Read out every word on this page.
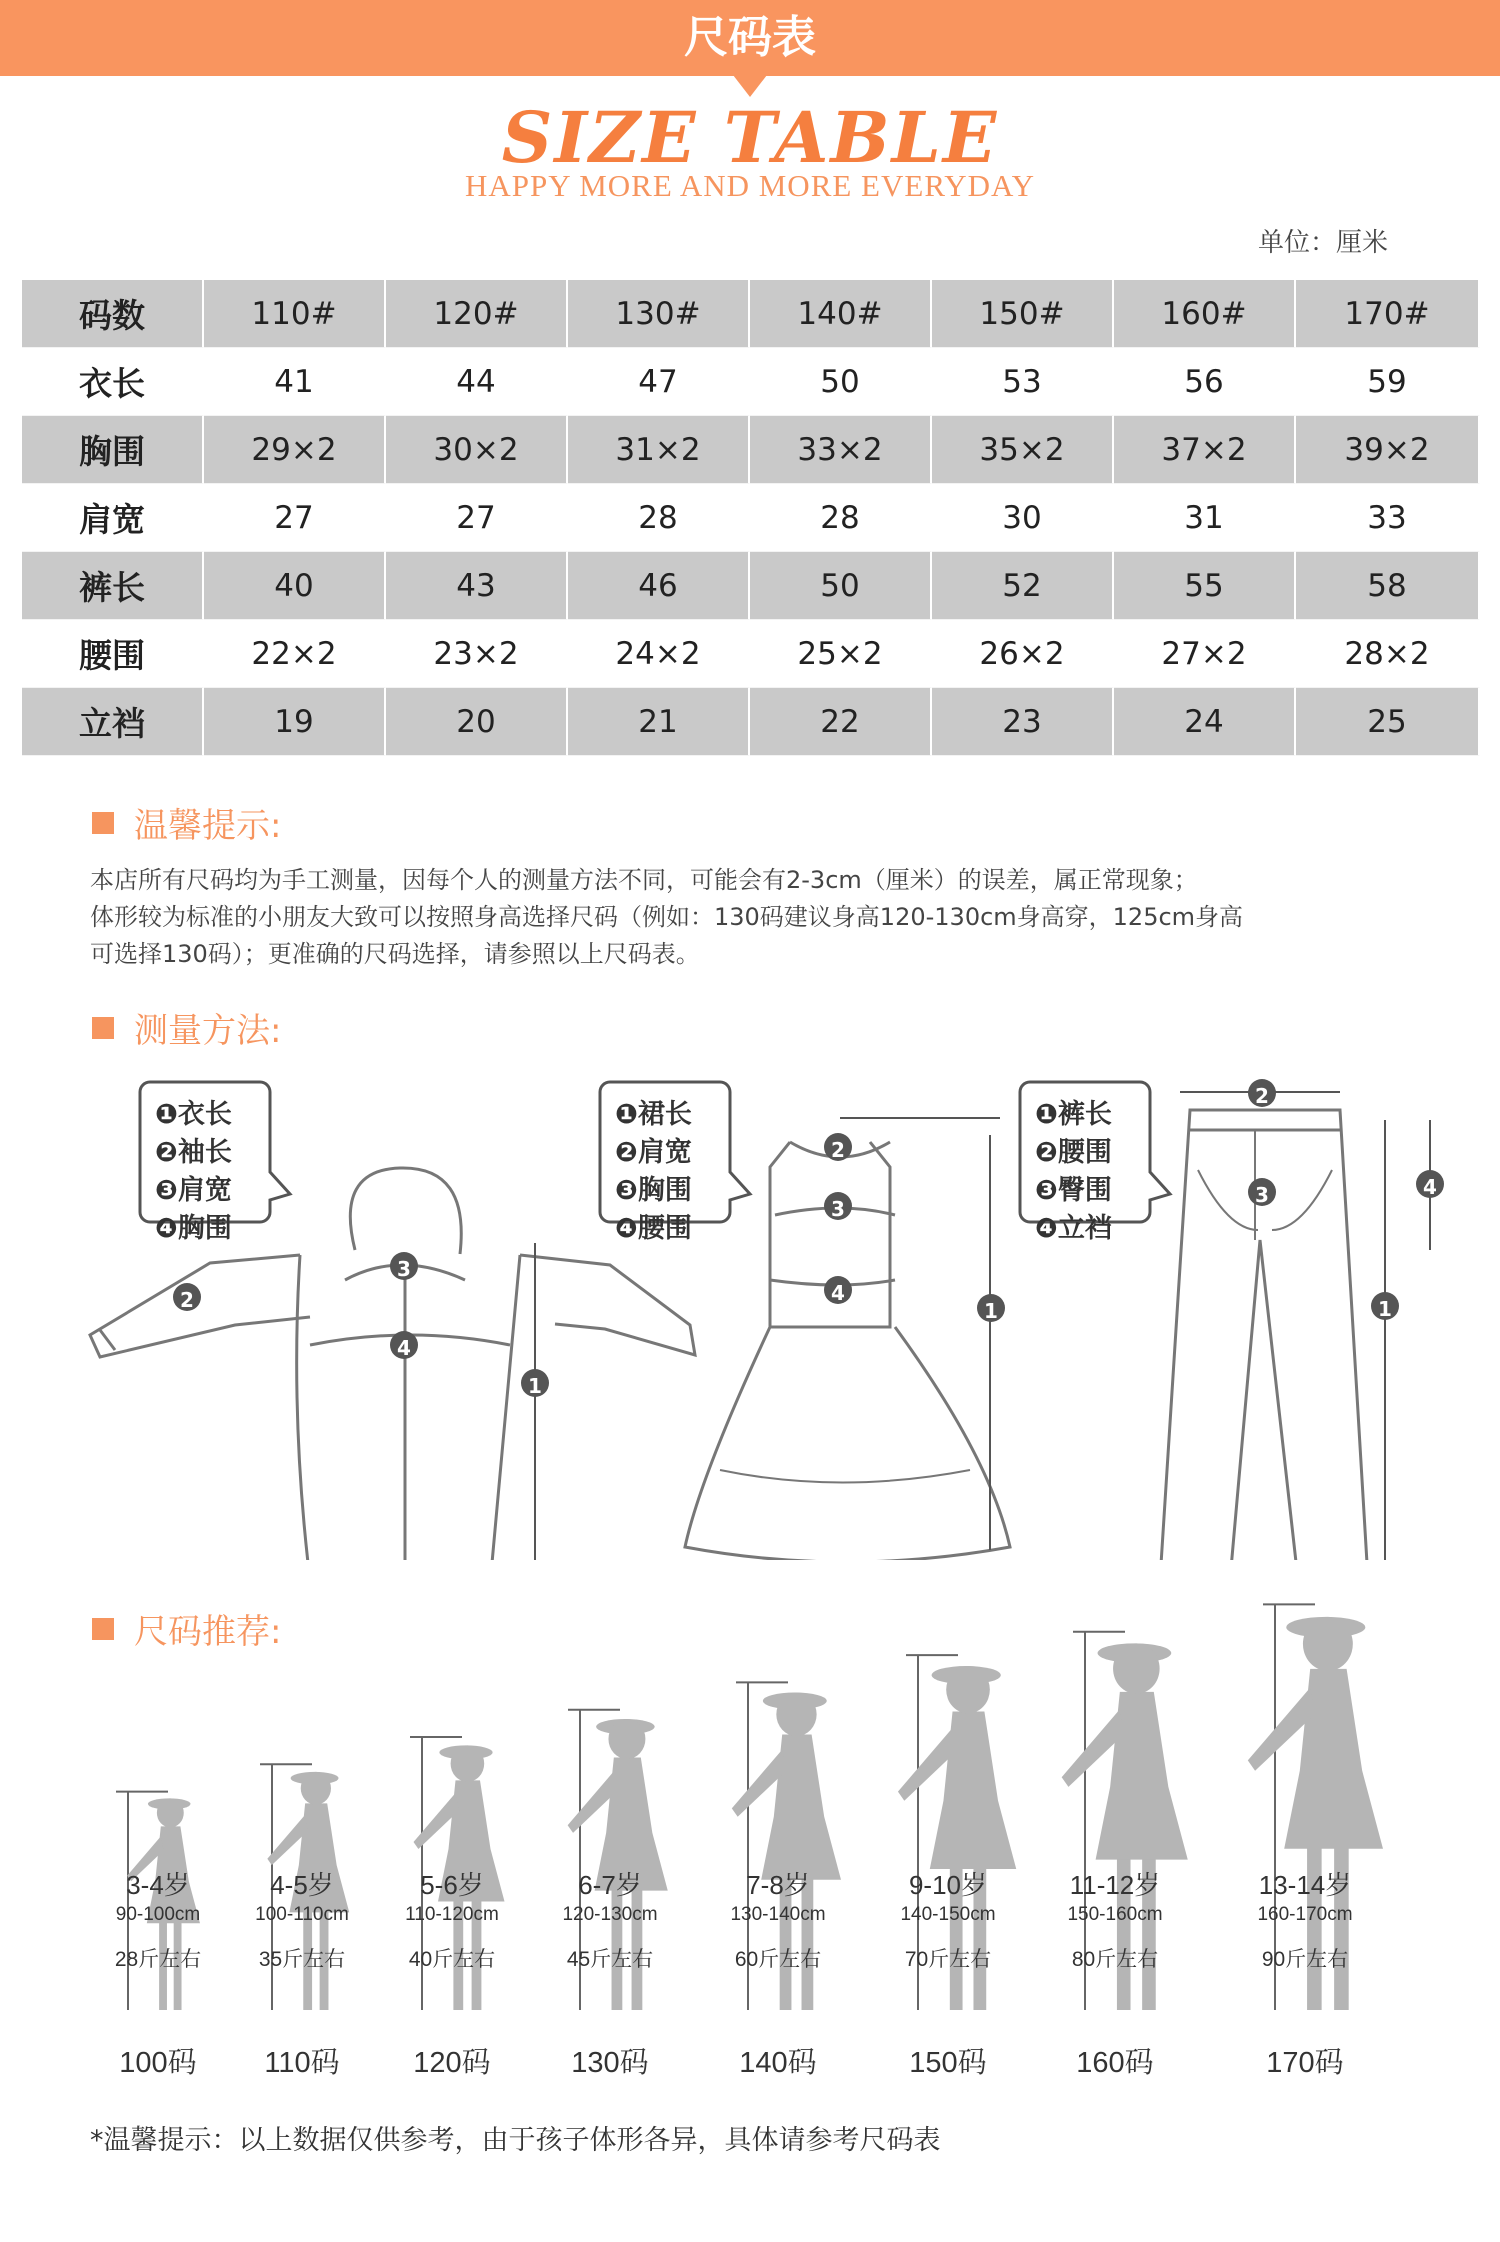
尺码表
SIZE TABLE
HAPPY MORE AND MORE EVERYDAY
单位：厘米
码数	110#	120#	130#	140#	150#	160#	170#
衣长	41	44	47	50	53	56	59
胸围	29×2	30×2	31×2	33×2	35×2	37×2	39×2
肩宽	27	27	28	28	30	31	33
裤长	40	43	46	50	52	55	58
腰围	22×2	23×2	24×2	25×2	26×2	27×2	28×2
立裆	19	20	21	22	23	24	25
温馨提示:

本店所有尺码均为手工测量，因每个人的测量方法不同，可能会有2-3cm（厘米）的误差，属正常现象；

体形较为标准的小朋友大致可以按照身高选择尺码（例如：130码建议身高120-130cm身高穿，125cm身高

可选择130码）；更准确的尺码选择，请参照以上尺码表。

测量方法:
❶衣长
❷袖长
❸肩宽
❹胸围
1
2
3
4
❶裙长
❷肩宽
❸胸围
❹腰围
1
2
3
4
❶裤长
❷腰围
❸臀围
❹立裆
1
2
3	4
尺码推荐:
3-4岁
90-100cm
28斤左右
100码
4-5岁
100-110cm
35斤左右
110码
5-6岁
110-120cm
40斤左右
120码
6-7岁
120-130cm
45斤左右
130码
7-8岁
130-140cm
60斤左右
140码
9-10岁
140-150cm
70斤左右
150码
11-12岁
150-160cm
80斤左右
160码
13-14岁
160-170cm
90斤左右
170码
*温馨提示：以上数据仅供参考，由于孩子体形各异，具体请参考尺码表
